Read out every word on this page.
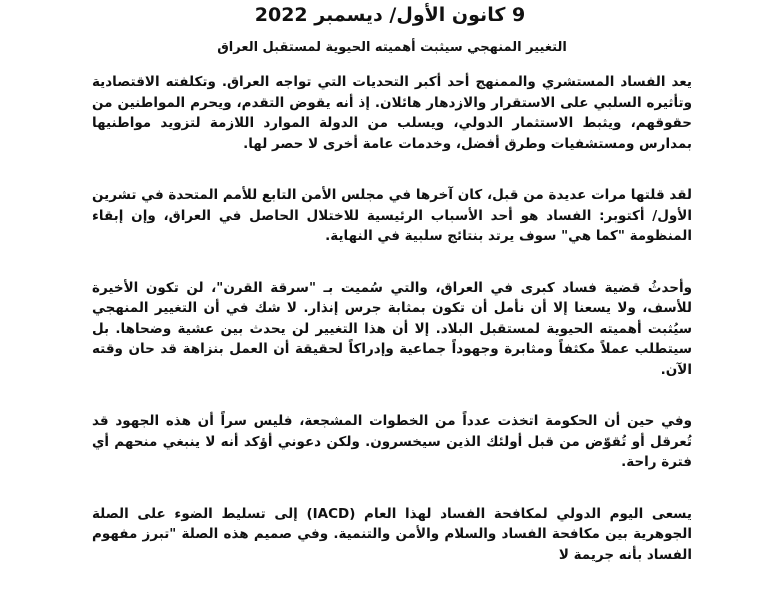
9 كانون الأول/ ديسمبر 2022
التغيير المنهجي سيثبت أهميته الحيوية لمستقبل العراق

يعد الفساد المستشري والممنهج أحد أكبر التحديات التي تواجه العراق. وتكلفته الاقتصادية وتأثيره السلبي على الاستقرار والازدهار هائلان. إذ أنه يقوض التقدم، ويحرم المواطنين من حقوقهم، ويثبط الاستثمار الدولي، ويسلب من الدولة الموارد اللازمة لتزويد مواطنيها بمدارس ومستشفيات وطرق أفضل، وخدمات عامة أخرى لا حصر لها.

لقد قلتها مرات عديدة من قبل، كان آخرها في مجلس الأمن التابع للأمم المتحدة في تشرين الأول/ أكتوبر: الفساد هو أحد الأسباب الرئيسية للاختلال الحاصل في العراق، وإن إبقاء المنظومة "كما هي" سوف يرتد بنتائج سلبية في النهاية.

وأحدثُ قضية فساد كبرى في العراق، والتي سُميت بـ "سرقة القرن"، لن تكون الأخيرة للأسف، ولا يسعنا إلا أن نأمل أن تكون بمثابة جرس إنذار. لا شك في أن التغيير المنهجي سيُثبت أهميته الحيوية لمستقبل البلاد. إلا أن هذا التغيير لن يحدث بين عشية وضحاها. بل سيتطلب عملاً مكثفاً ومثابرة وجهوداً جماعية وإدراكاً لحقيقة أن العمل بنزاهة قد حان وقته الآن.

وفي حين أن الحكومة اتخذت عدداً من الخطوات المشجعة، فليس سراً أن هذه الجهود قد تُعرقل أو تُقوّض من قبل أولئك الذين سيخسرون. ولكن دعوني أؤكد أنه لا ينبغي منحهم أي فترة راحة.

يسعى اليوم الدولي لمكافحة الفساد لهذا العام (IACD) إلى تسليط الضوء على الصلة الجوهرية بين مكافحة الفساد والسلام والأمن والتنمية. وفي صميم هذه الصلة "تبرز مفهوم الفساد بأنه جريمة لا
